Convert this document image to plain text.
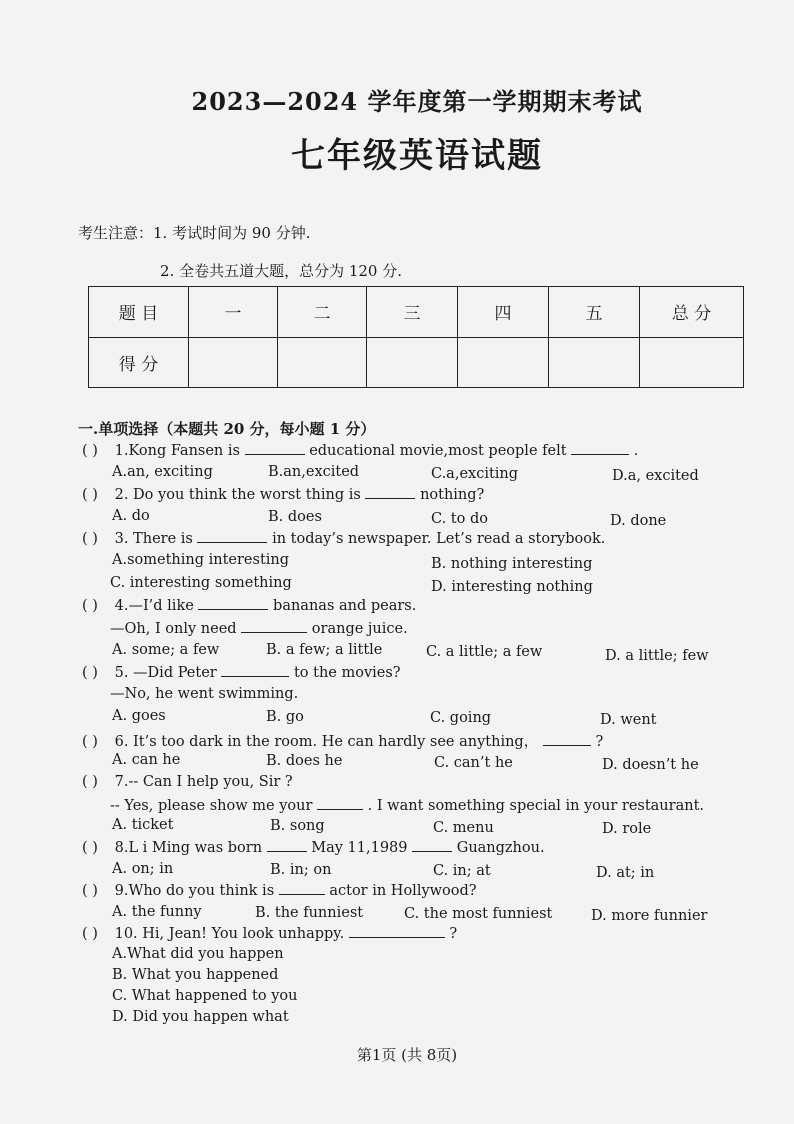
2023—2024 学年度第一学期期末考试
七年级英语试题
考生注意：1. 考试时间为 90 分钟.
2. 全卷共五道大题，总分为 120 分.
题 目	一	二	三	四	五	总 分
得 分						
一.单项选择（本题共 20 分，每小题 1 分）
( ) 1.Kong Fansen is	educational movie,most people felt	.
A.an, exciting	B.an,excited	C.a,exciting	D.a, excited
( ) 2. Do you think the worst thing is	nothing?
A. do	B. does	C. to do	D. done
( ) 3. There is	in today’s newspaper. Let’s read a storybook.
A.something interesting	B. nothing interesting
C. interesting something	D. interesting nothing
( ) 4.—I’d like	bananas and pears.
—Oh, I only need	orange juice.
A. some; a few	B. a few; a little	C. a little; a few	D. a little; few
( ) 5. —Did Peter	to the movies?
—No, he went swimming.
A. goes	B. go	C. going	D. went
( ) 6. It’s too dark in the room. He can hardly see anything，	?
A. can he	B. does he	C. can’t he	D. doesn’t he
( ) 7.-- Can I help you, Sir ?
-- Yes, please show me your	. I want something special in your restaurant.
A. ticket	B. song	C. menu	D. role
( ) 8.L i Ming was born	May 11,1989	Guangzhou.
A. on; in	B. in; on	C. in; at	D. at; in
( ) 9.Who do you think is	actor in Hollywood?
A. the funny	B. the funniest	C. the most funniest	D. more funnier
( ) 10. Hi, Jean! You look unhappy.	?
A.What did you happen
B. What you happened
C. What happened to you
D. Did you happen what
第1页 (共 8页)
